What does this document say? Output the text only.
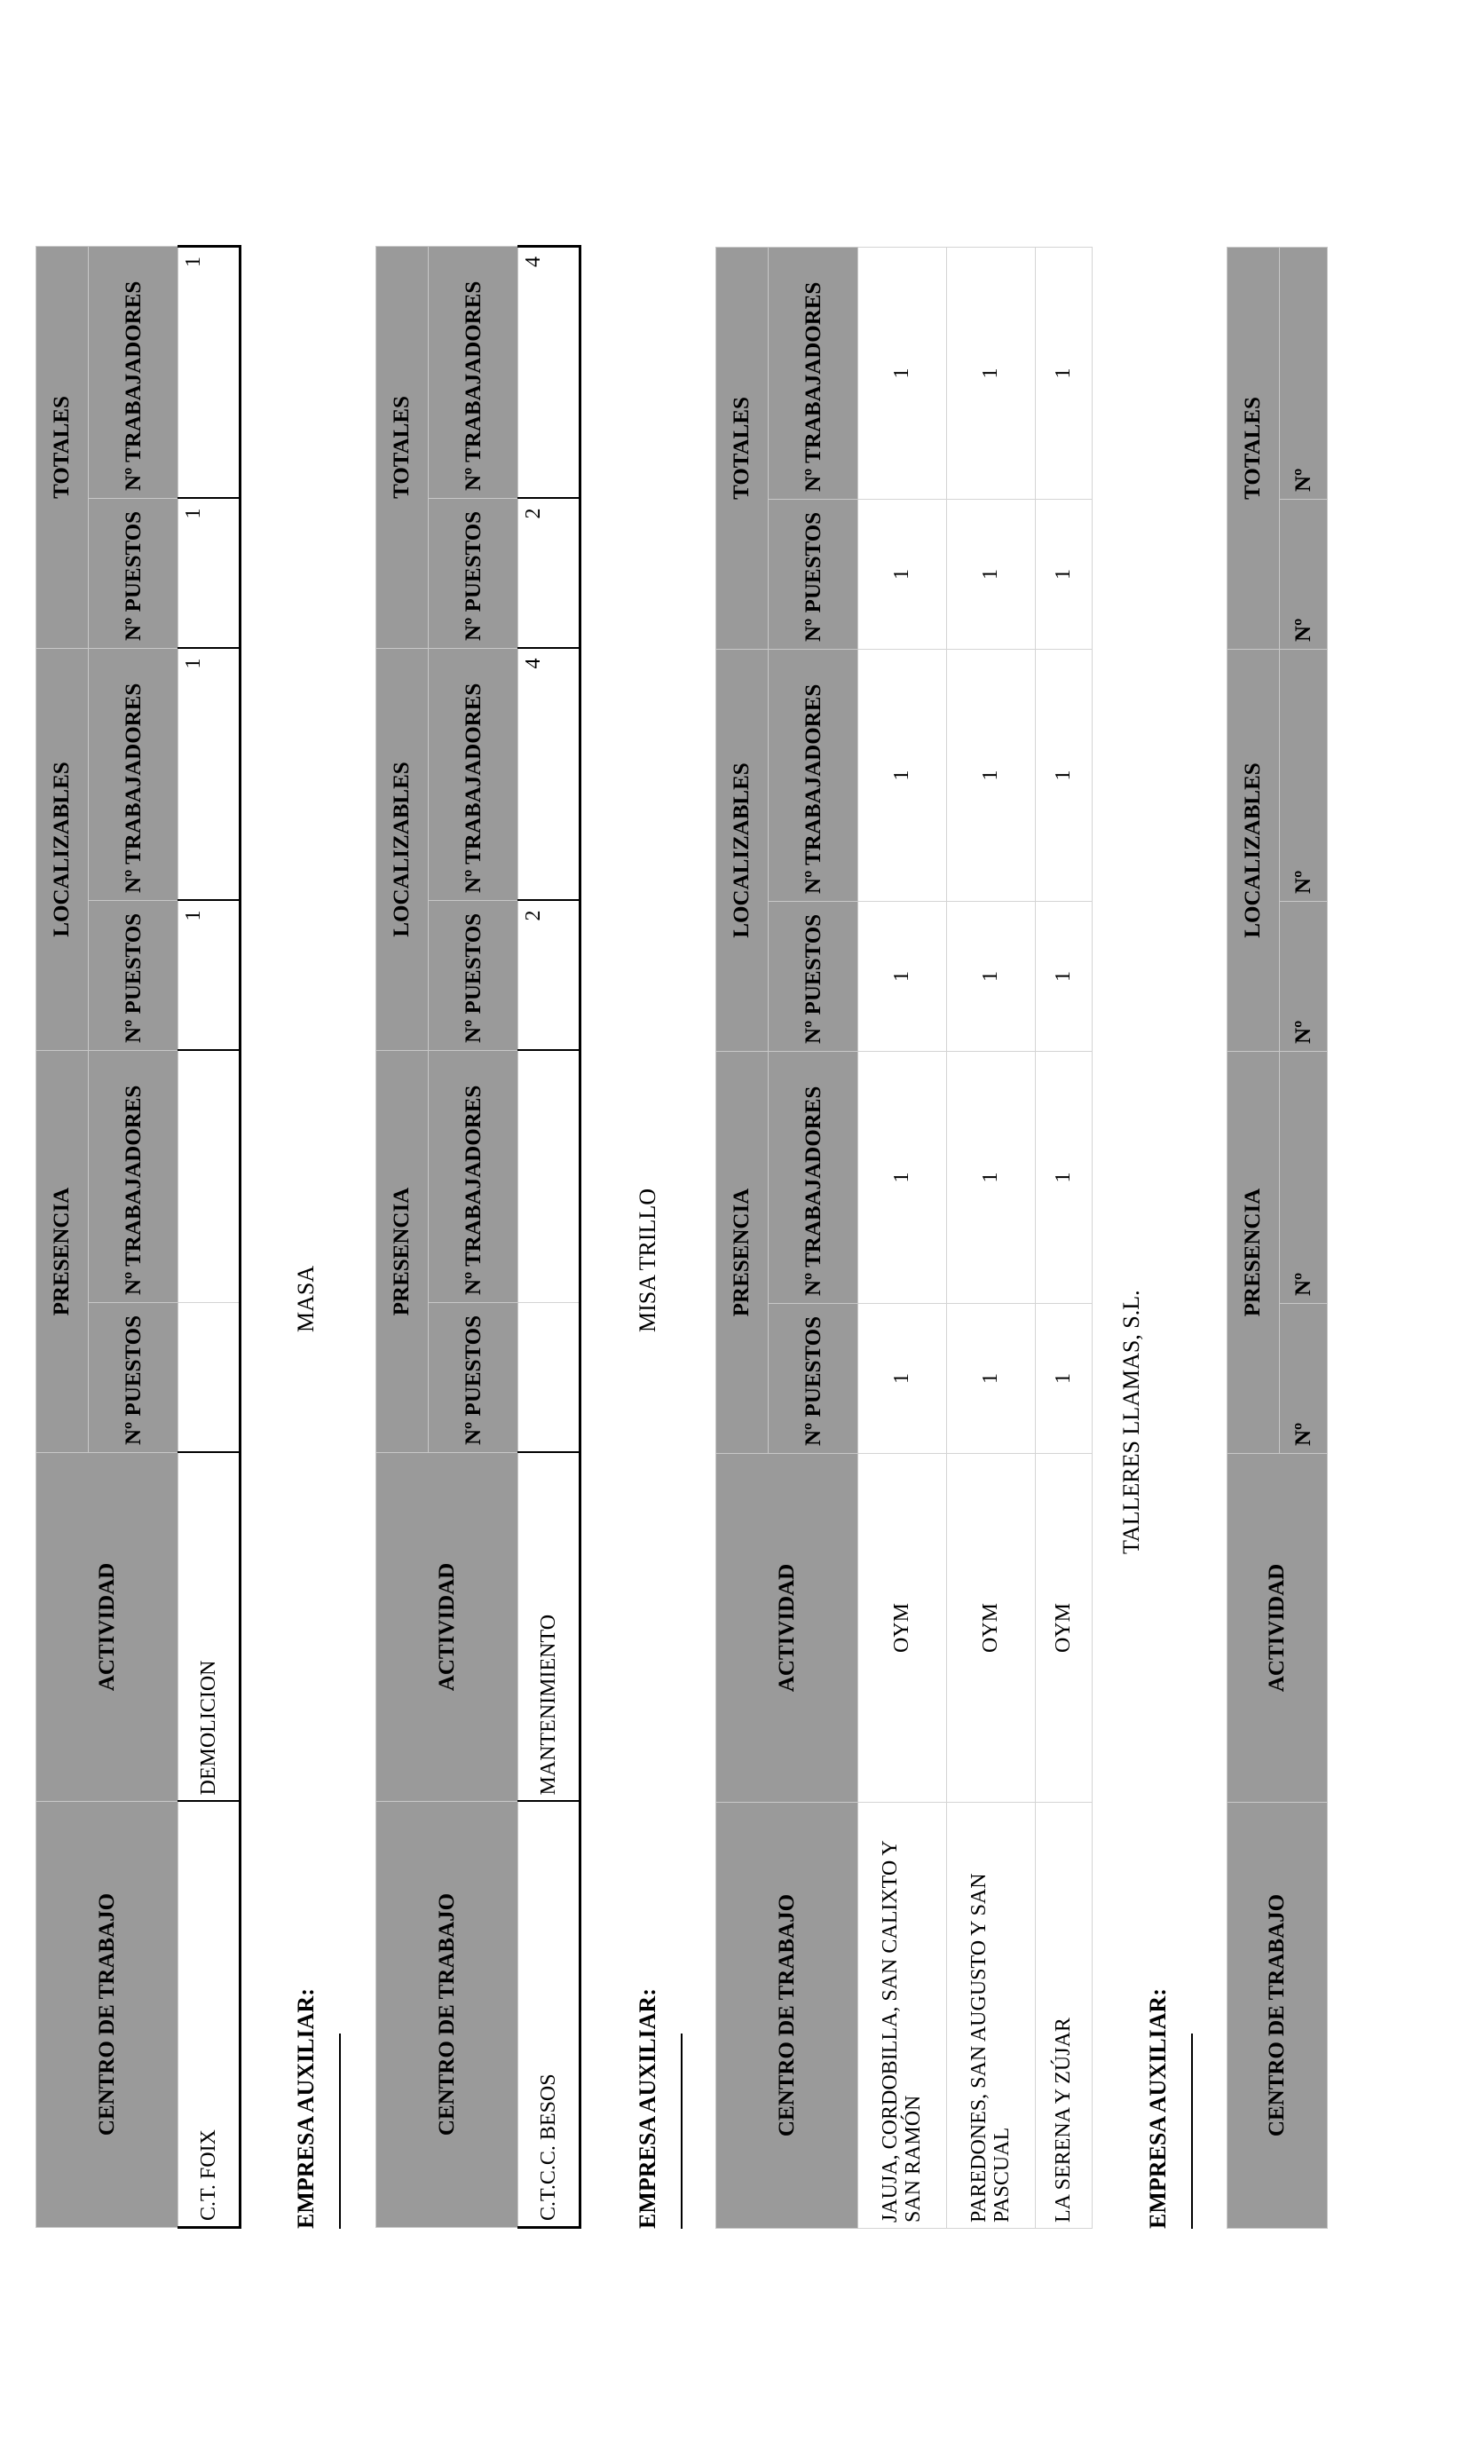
CENTRO DE TRABAJO	ACTIVIDAD	PRESENCIA		LOCALIZABLES		TOTALES	
		Nº PUESTOS	Nº TRABAJADORES	Nº PUESTOS	Nº TRABAJADORES	Nº PUESTOS	Nº TRABAJADORES
C.T. FOIX	DEMOLICION			1	1	1	1
EMPRESA AUXILIAR:
MASA
CENTRO DE TRABAJO	ACTIVIDAD	PRESENCIA		LOCALIZABLES		TOTALES	
		Nº PUESTOS	Nº TRABAJADORES	Nº PUESTOS	Nº TRABAJADORES	Nº PUESTOS	Nº TRABAJADORES
C.T.C.C. BESOS	MANTENIMIENTO			2	4	2	4
EMPRESA AUXILIAR:
MISA TRILLO
CENTRO DE TRABAJO	ACTIVIDAD	PRESENCIA		LOCALIZABLES		TOTALES	
		Nº PUESTOS	Nº TRABAJADORES	Nº PUESTOS	Nº TRABAJADORES	Nº PUESTOS	Nº TRABAJADORES
JAUJA, CORDOBILLA, SAN CALIXTO Y SAN RAMÓN	OYM	1	1	1	1	1	1
PAREDONES, SAN AUGUSTO Y SAN PASCUAL	OYM	1	1	1	1	1	1
LA SERENA Y ZÚJAR	OYM	1	1	1	1	1	1
EMPRESA AUXILIAR:
TALLERES LLAMAS, S.L.
CENTRO DE TRABAJO	ACTIVIDAD	PRESENCIA		LOCALIZABLES		TOTALES	
		Nº	Nº	Nº	Nº	Nº	Nº
